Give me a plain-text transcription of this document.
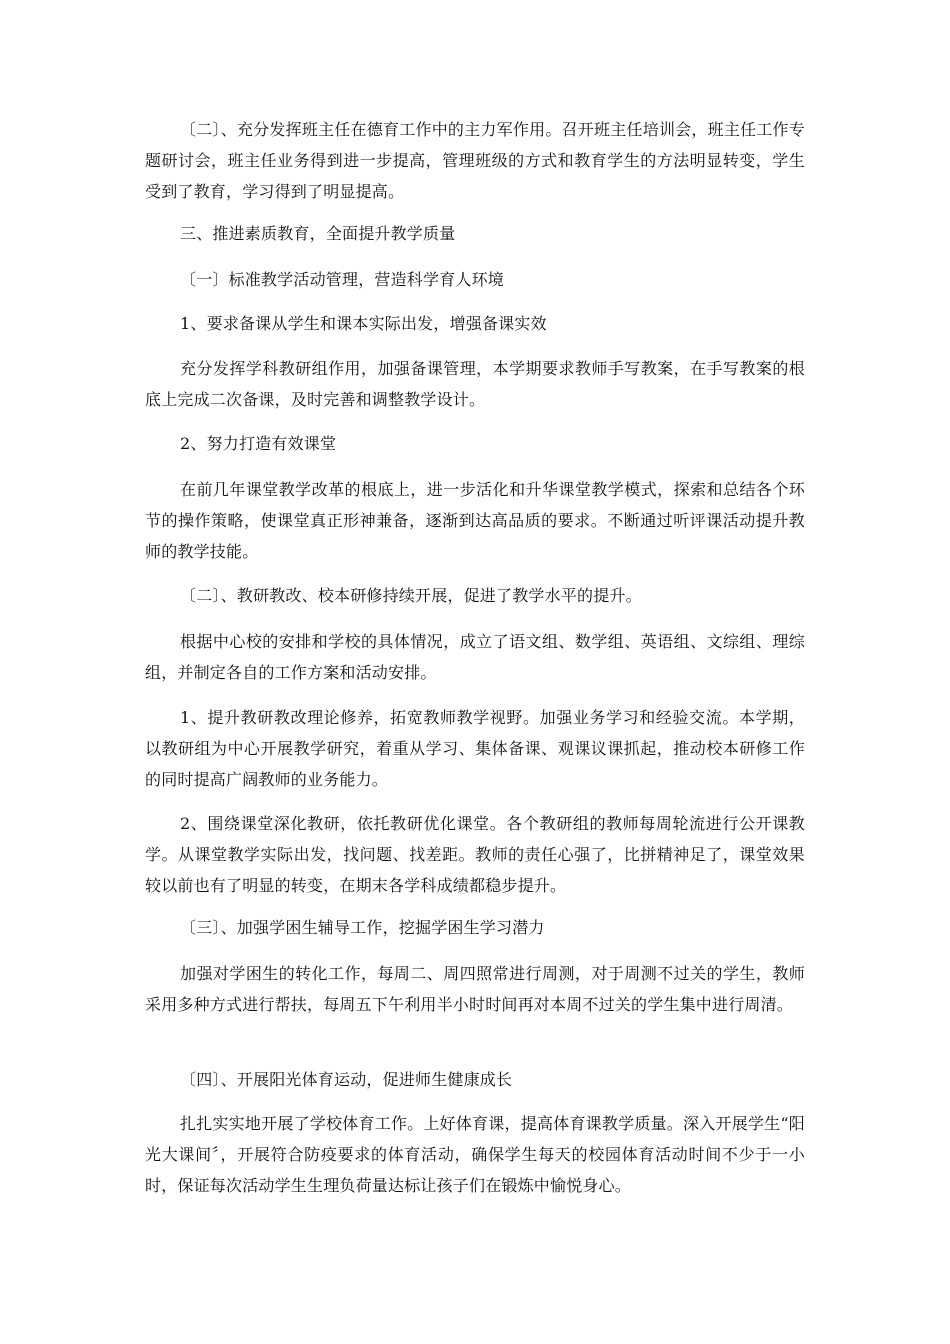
〔二〕、充分发挥班主任在德育工作中的主力军作用。召开班主任培训会，班主任工作专题研讨会，班主任业务得到进一步提高，管理班级的方式和教育学生的方法明显转变，学生受到了教育，学习得到了明显提高。

三、推进素质教育，全面提升教学质量

〔一〕标准教学活动管理，营造科学育人环境

1、要求备课从学生和课本实际出发，增强备课实效

充分发挥学科教研组作用，加强备课管理，本学期要求教师手写教案，在手写教案的根底上完成二次备课，及时完善和调整教学设计。

2、努力打造有效课堂

在前几年课堂教学改革的根底上，进一步活化和升华课堂教学模式，探索和总结各个环节的操作策略，使课堂真正形神兼备，逐渐到达高品质的要求。不断通过听评课活动提升教师的教学技能。

〔二〕、教研教改、校本研修持续开展，促进了教学水平的提升。

根据中心校的安排和学校的具体情况，成立了语文组、数学组、英语组、文综组、理综组，并制定各自的工作方案和活动安排。

1、提升教研教改理论修养，拓宽教师教学视野。加强业务学习和经验交流。本学期，以教研组为中心开展教学研究，着重从学习、集体备课、观课议课抓起，推动校本研修工作的同时提高广阔教师的业务能力。

2、围绕课堂深化教研，依托教研优化课堂。各个教研组的教师每周轮流进行公开课教学。从课堂教学实际出发，找问题、找差距。教师的责任心强了，比拼精神足了，课堂效果较以前也有了明显的转变，在期末各学科成绩都稳步提升。

〔三〕、加强学困生辅导工作，挖掘学困生学习潜力

加强对学困生的转化工作，每周二、周四照常进行周测，对于周测不过关的学生，教师采用多种方式进行帮扶，每周五下午利用半小时时间再对本周不过关的学生集中进行周清。

〔四〕、开展阳光体育运动，促进师生健康成长

扎扎实实地开展了学校体育工作。上好体育课，提高体育课教学质量。深入开展学生“阳光大课间〞，开展符合防疫要求的体育活动，确保学生每天的校园体育活动时间不少于一小时，保证每次活动学生生理负荷量达标让孩子们在锻炼中愉悦身心。
